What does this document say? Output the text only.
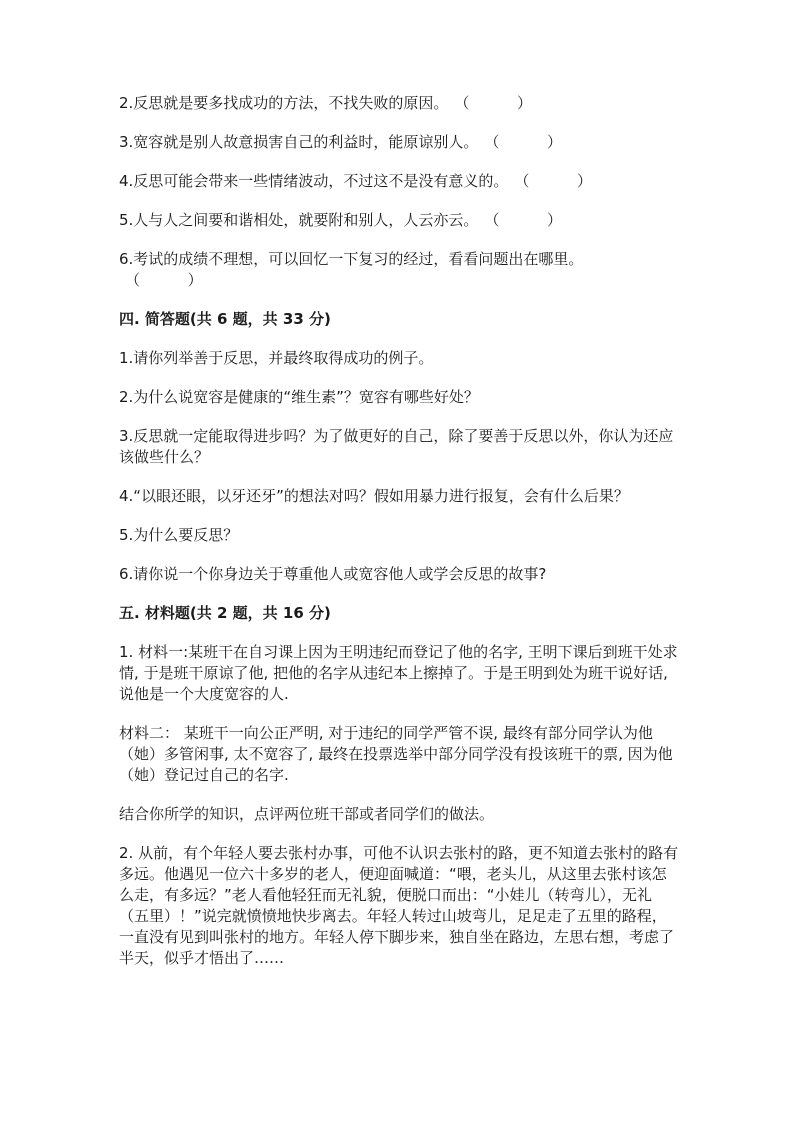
2.反思就是要多找成功的方法，不找失败的原因。 （          ）
3.宽容就是别人故意损害自己的利益时，能原谅别人。 （          ）
4.反思可能会带来一些情绪波动，不过这不是没有意义的。 （          ）
5.人与人之间要和谐相处，就要附和别人，人云亦云。 （          ）
6.考试的成绩不理想，可以回忆一下复习的经过，看看问题出在哪里。
（          ）
四. 简答题(共 6 题，共 33 分)
1.请你列举善于反思，并最终取得成功的例子。
2.为什么说宽容是健康的“维生素”？宽容有哪些好处？
3.反思就一定能取得进步吗？为了做更好的自己，除了要善于反思以外，你认为还应该做些什么？
4.“以眼还眼，以牙还牙”的想法对吗？假如用暴力进行报复，会有什么后果？
5.为什么要反思？
6.请你说一个你身边关于尊重他人或宽容他人或学会反思的故事?
五. 材料题(共 2 题，共 16 分)
1. 材料一:某班干在自习课上因为王明违纪而登记了他的名字, 王明下课后到班干处求情, 于是班干原谅了他, 把他的名字从违纪本上擦掉了。于是王明到处为班干说好话, 说他是一个大度宽容的人.
材料二： 某班干一向公正严明, 对于违纪的同学严管不误, 最终有部分同学认为他（她）多管闲事, 太不宽容了, 最终在投票选举中部分同学没有投该班干的票, 因为他（她）登记过自己的名字.
结合你所学的知识，点评两位班干部或者同学们的做法。
2. 从前，有个年轻人要去张村办事，可他不认识去张村的路，更不知道去张村的路有多远。他遇见一位六十多岁的老人，便迎面喊道：“喂，老头儿，从这里去张村该怎么走，有多远？”老人看他轻狂而无礼貌，便脱口而出：“小娃儿（转弯儿），无礼（五里）！”说完就愤愤地快步离去。年轻人转过山坡弯儿，足足走了五里的路程，一直没有见到叫张村的地方。年轻人停下脚步来，独自坐在路边，左思右想，考虑了半天，似乎才悟出了……
